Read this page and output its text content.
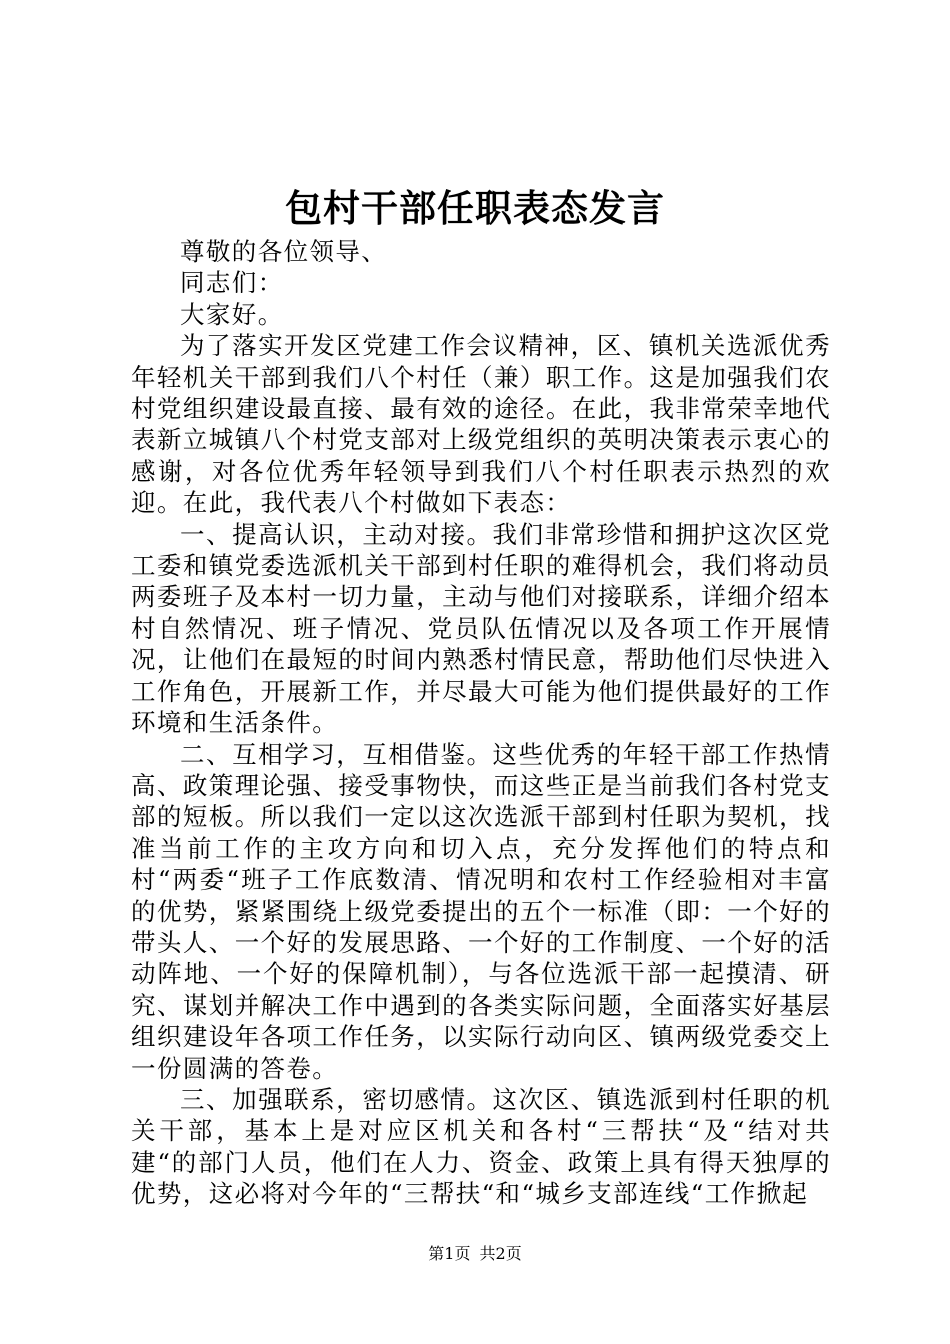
包村干部任职表态发言

尊敬的各位领导、

同志们：

大家好。

为了落实开发区党建工作会议精神，区、镇机关选派优秀年轻机关干部到我们八个村任（兼）职工作。这是加强我们农村党组织建设最直接、最有效的途径。在此，我非常荣幸地代表新立城镇八个村党支部对上级党组织的英明决策表示衷心的感谢，对各位优秀年轻领导到我们八个村任职表示热烈的欢迎。在此，我代表八个村做如下表态：

一、提高认识，主动对接。我们非常珍惜和拥护这次区党工委和镇党委选派机关干部到村任职的难得机会，我们将动员两委班子及本村一切力量，主动与他们对接联系，详细介绍本村自然情况、班子情况、党员队伍情况以及各项工作开展情况，让他们在最短的时间内熟悉村情民意，帮助他们尽快进入工作角色，开展新工作，并尽最大可能为他们提供最好的工作环境和生活条件。

二、互相学习，互相借鉴。这些优秀的年轻干部工作热情高、政策理论强、接受事物快，而这些正是当前我们各村党支部的短板。所以我们一定以这次选派干部到村任职为契机，找准当前工作的主攻方向和切入点，充分发挥他们的特点和村“两委“班子工作底数清、情况明和农村工作经验相对丰富的优势，紧紧围绕上级党委提出的五个一标准（即：一个好的带头人、一个好的发展思路、一个好的工作制度、一个好的活动阵地、一个好的保障机制），与各位选派干部一起摸清、研究、谋划并解决工作中遇到的各类实际问题，全面落实好基层组织建设年各项工作任务，以实际行动向区、镇两级党委交上一份圆满的答卷。

三、加强联系，密切感情。这次区、镇选派到村任职的机关干部，基本上是对应区机关和各村“三帮扶“及“结对共建“的部门人员，他们在人力、资金、政策上具有得天独厚的优势，这必将对今年的“三帮扶“和“城乡支部连线“工作掀起

第1页 共2页
